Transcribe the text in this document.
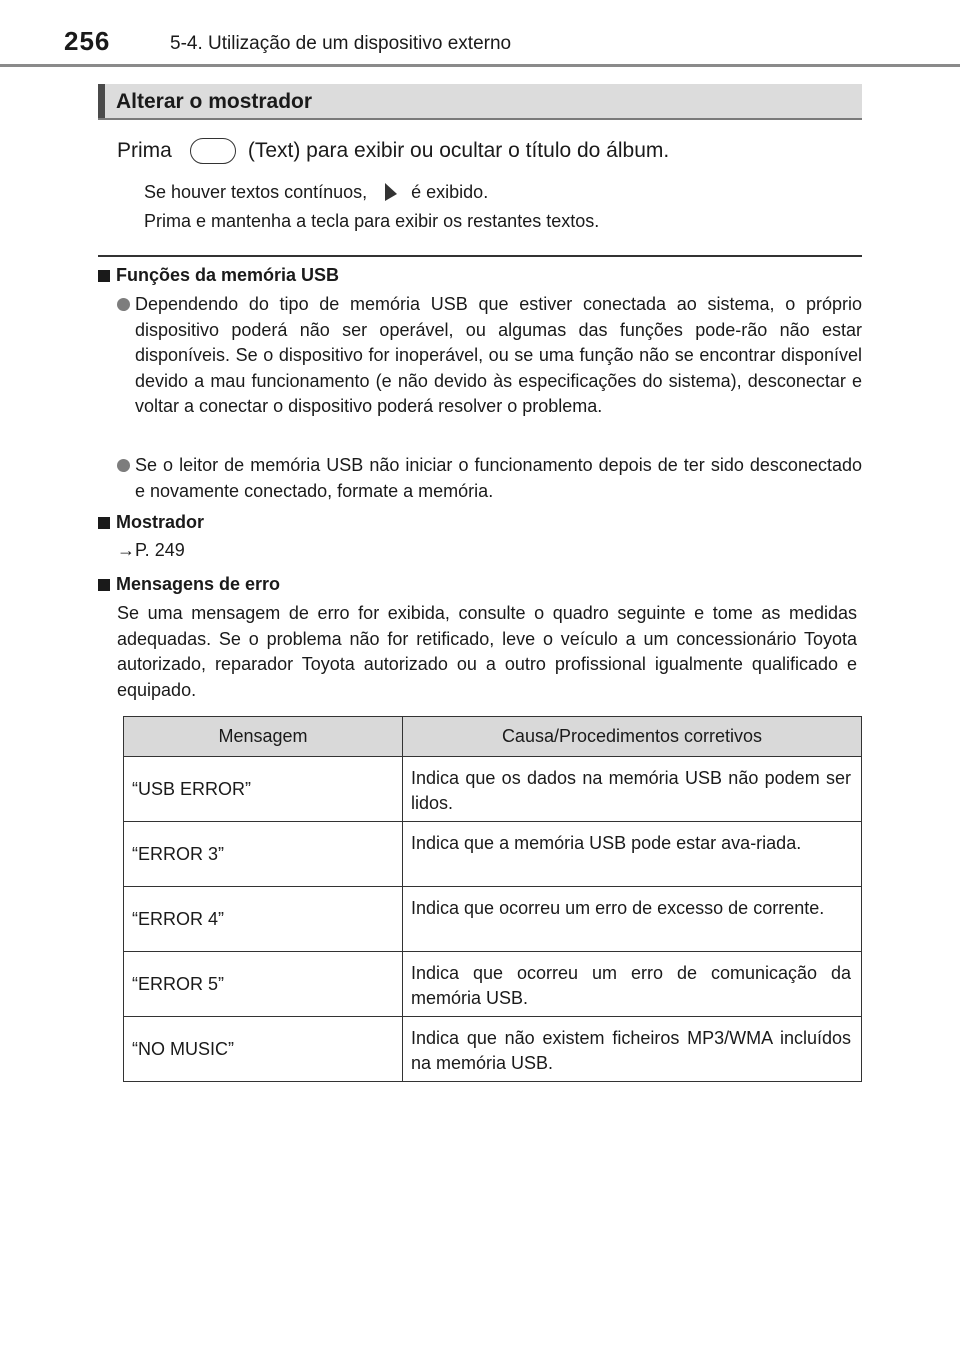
256	5-4. Utilização de um dispositivo externo
Alterar o mostrador
Prima	(Text) para exibir ou ocultar o título do álbum.
Se houver textos contínuos, é exibido.
Prima e mantenha a tecla para exibir os restantes textos.
Funções da memória USB
Dependendo do tipo de memória USB que estiver conectada ao sistema, o próprio dispositivo poderá não ser operável, ou algumas das funções pode-rão não estar disponíveis. Se o dispositivo for inoperável, ou se uma função não se encontrar disponível devido a mau funcionamento (e não devido às especificações do sistema), desconectar e voltar a conectar o dispositivo poderá resolver o problema.
Se o leitor de memória USB não iniciar o funcionamento depois de ter sido desconectado e novamente conectado, formate a memória.
Mostrador
→P. 249
Mensagens de erro
Se uma mensagem de erro for exibida, consulte o quadro seguinte e tome as medidas adequadas. Se o problema não for retificado, leve o veículo a um concessionário Toyota autorizado, reparador Toyota autorizado ou a outro profissional igualmente qualificado e equipado.
Mensagem	Causa/Procedimentos corretivos
“USB ERROR”	Indica que os dados na memória USB não podem ser lidos.
“ERROR 3”	Indica que a memória USB pode estar ava-riada.
“ERROR 4”	Indica que ocorreu um erro de excesso de corrente.
“ERROR 5”	Indica que ocorreu um erro de comunicação da memória USB.
“NO MUSIC”	Indica que não existem ficheiros MP3/WMA incluídos na memória USB.
